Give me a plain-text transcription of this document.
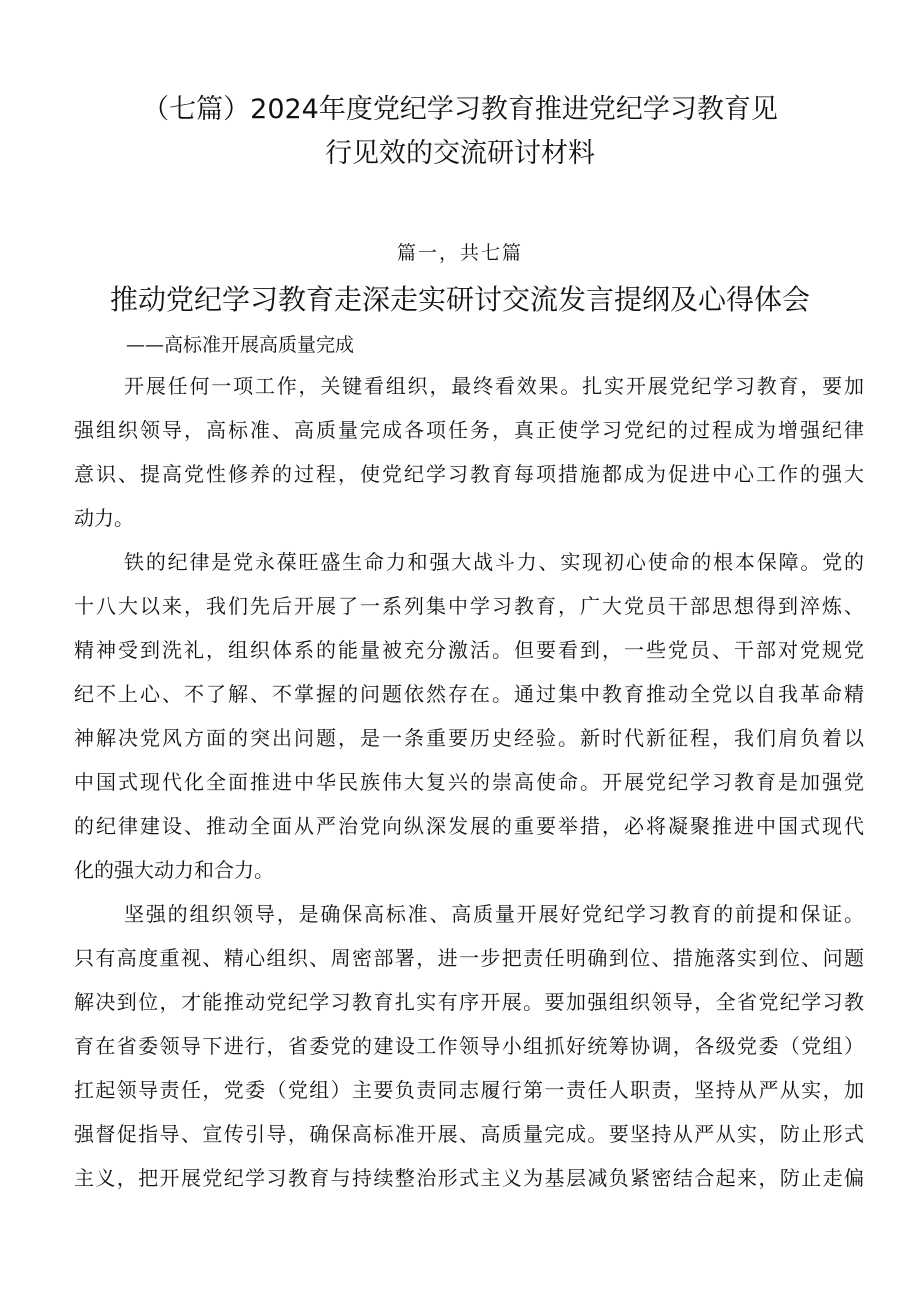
（七篇）2024年度党纪学习教育推进党纪学习教育见
行见效的交流研讨材料
篇一，共七篇
推动党纪学习教育走深走实研讨交流发言提纲及心得体会
——高标准开展高质量完成
开展任何一项工作，关键看组织，最终看效果。扎实开展党纪学习教育，要加
强组织领导，高标准、高质量完成各项任务，真正使学习党纪的过程成为增强纪律
意识、提高党性修养的过程，使党纪学习教育每项措施都成为促进中心工作的强大
动力。
铁的纪律是党永葆旺盛生命力和强大战斗力、实现初心使命的根本保障。党的
十八大以来，我们先后开展了一系列集中学习教育，广大党员干部思想得到淬炼、
精神受到洗礼，组织体系的能量被充分激活。但要看到，一些党员、干部对党规党
纪不上心、不了解、不掌握的问题依然存在。通过集中教育推动全党以自我革命精
神解决党风方面的突出问题，是一条重要历史经验。新时代新征程，我们肩负着以
中国式现代化全面推进中华民族伟大复兴的崇高使命。开展党纪学习教育是加强党
的纪律建设、推动全面从严治党向纵深发展的重要举措，必将凝聚推进中国式现代
化的强大动力和合力。
坚强的组织领导，是确保高标准、高质量开展好党纪学习教育的前提和保证。
只有高度重视、精心组织、周密部署，进一步把责任明确到位、措施落实到位、问题
解决到位，才能推动党纪学习教育扎实有序开展。要加强组织领导，全省党纪学习教
育在省委领导下进行，省委党的建设工作领导小组抓好统筹协调，各级党委（党组）
扛起领导责任，党委（党组）主要负责同志履行第一责任人职责，坚持从严从实，加
强督促指导、宣传引导，确保高标准开展、高质量完成。要坚持从严从实，防止形式
主义，把开展党纪学习教育与持续整治形式主义为基层减负紧密结合起来，防止走偏
